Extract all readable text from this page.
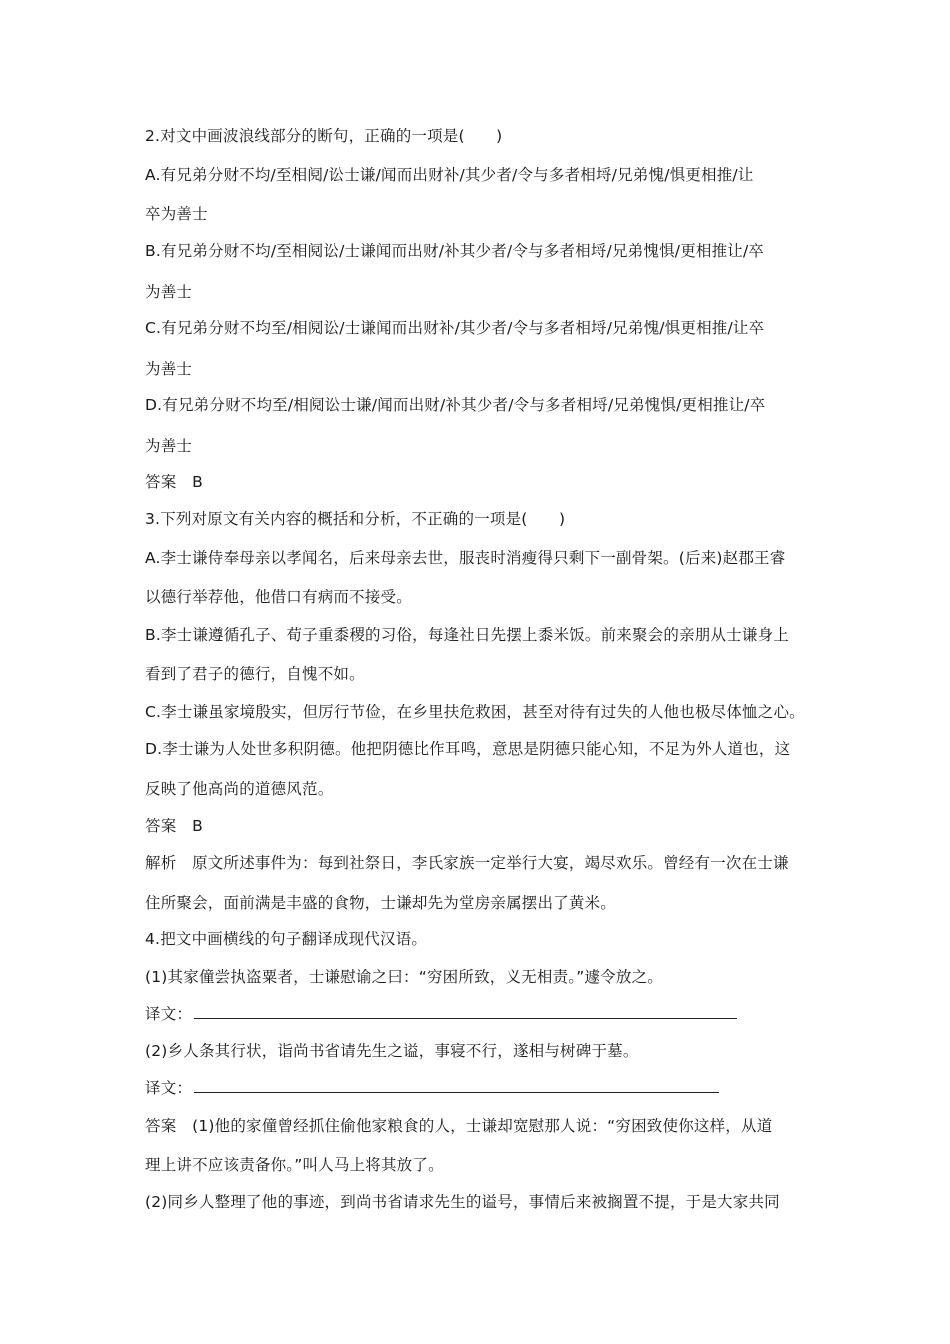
2.对文中画波浪线部分的断句，正确的一项是(　　)
A.有兄弟分财不均/至相阋/讼士谦/闻而出财补/其少者/令与多者相埒/兄弟愧/惧更相推/让
卒为善士
B.有兄弟分财不均/至相阋讼/士谦闻而出财/补其少者/令与多者相埒/兄弟愧惧/更相推让/卒
为善士
C.有兄弟分财不均至/相阋讼/士谦闻而出财补/其少者/令与多者相埒/兄弟愧/惧更相推/让卒
为善士
D.有兄弟分财不均至/相阋讼士谦/闻而出财/补其少者/令与多者相埒/兄弟愧惧/更相推让/卒
为善士
答案　B
3.下列对原文有关内容的概括和分析，不正确的一项是(　　)
A.李士谦侍奉母亲以孝闻名，后来母亲去世，服丧时消瘦得只剩下一副骨架。(后来)赵郡王睿
以德行举荐他，他借口有病而不接受。
B.李士谦遵循孔子、荀子重黍稷的习俗，每逢社日先摆上黍米饭。前来聚会的亲朋从士谦身上
看到了君子的德行，自愧不如。
C.李士谦虽家境殷实，但厉行节俭，在乡里扶危救困，甚至对待有过失的人他也极尽体恤之心。
D.李士谦为人处世多积阴德。他把阴德比作耳鸣，意思是阴德只能心知，不足为外人道也，这
反映了他高尚的道德风范。
答案　B
解析　原文所述事件为：每到社祭日，李氏家族一定举行大宴，竭尽欢乐。曾经有一次在士谦
住所聚会，面前满是丰盛的食物，士谦却先为堂房亲属摆出了黄米。
4.把文中画横线的句子翻译成现代汉语。
(1)其家僮尝执盗粟者，士谦慰谕之曰：“穷困所致，义无相责。”遽令放之。
译文：
(2)乡人条其行状，诣尚书省请先生之谥，事寝不行，遂相与树碑于墓。
译文：
答案　(1)他的家僮曾经抓住偷他家粮食的人，士谦却宽慰那人说：“穷困致使你这样，从道
理上讲不应该责备你。”叫人马上将其放了。
(2)同乡人整理了他的事迹，到尚书省请求先生的谥号，事情后来被搁置不提，于是大家共同
